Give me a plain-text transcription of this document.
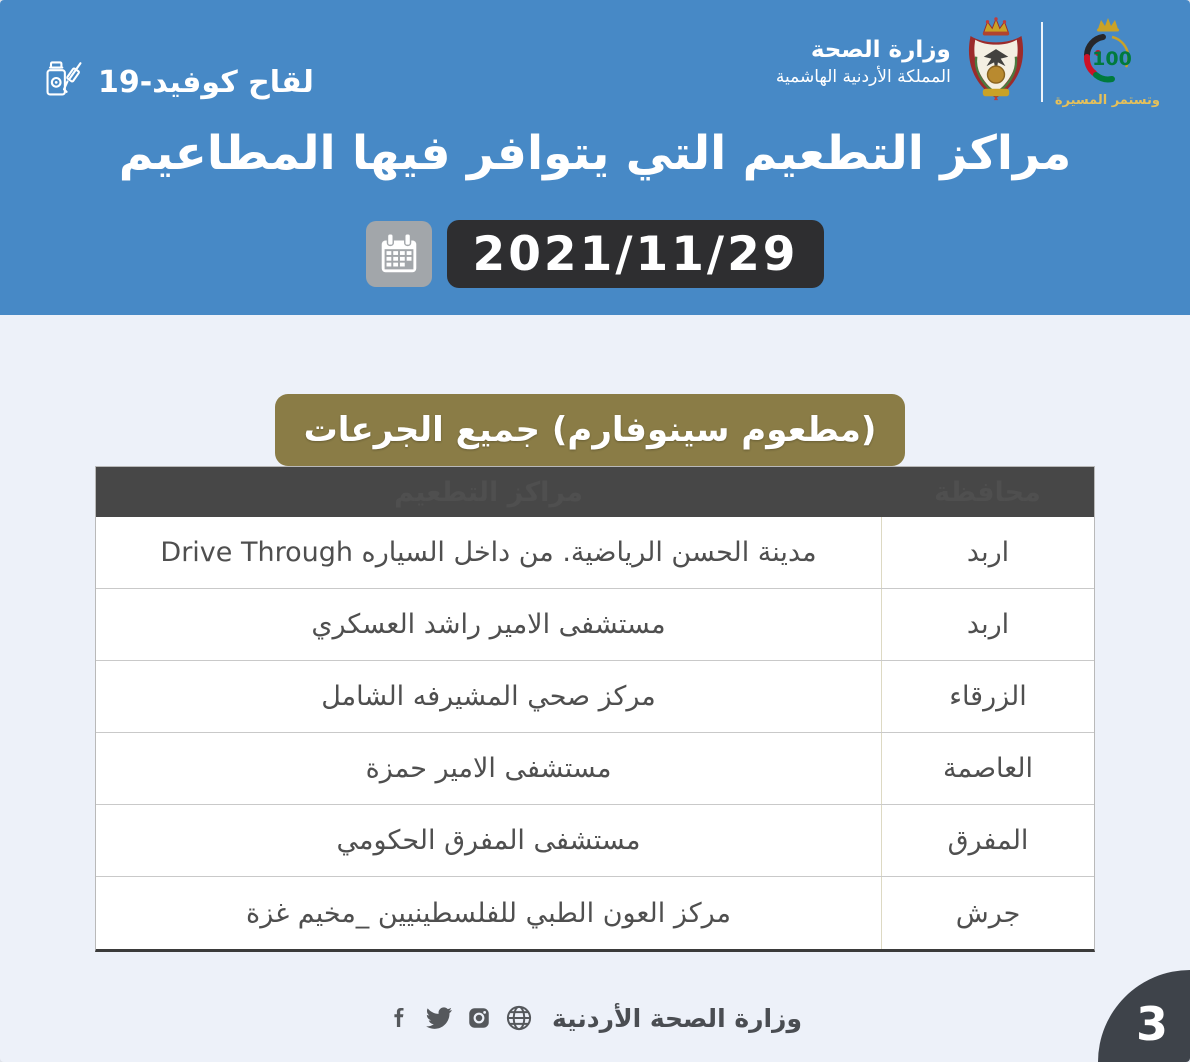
لقاح كوفيد-19
وزارة الصحة
المملكة الأردنية الهاشمية
100
وتستمر المسيرة
مراكز التطعيم التي يتوافر فيها المطاعيم
2021/11/29
(مطعوم سينوفارم) جميع الجرعات
محافظة
مراكز التطعيم
اربد
مدينة الحسن الرياضية. من داخل السياره Drive Through
اربد
مستشفى الامير راشد العسكري
الزرقاء
مركز صحي المشيرفه الشامل
العاصمة
مستشفى الامير حمزة
المفرق
مستشفى المفرق الحكومي
جرش
مركز العون الطبي للفلسطينيين _مخيم غزة
وزارة الصحة الأردنية	3
